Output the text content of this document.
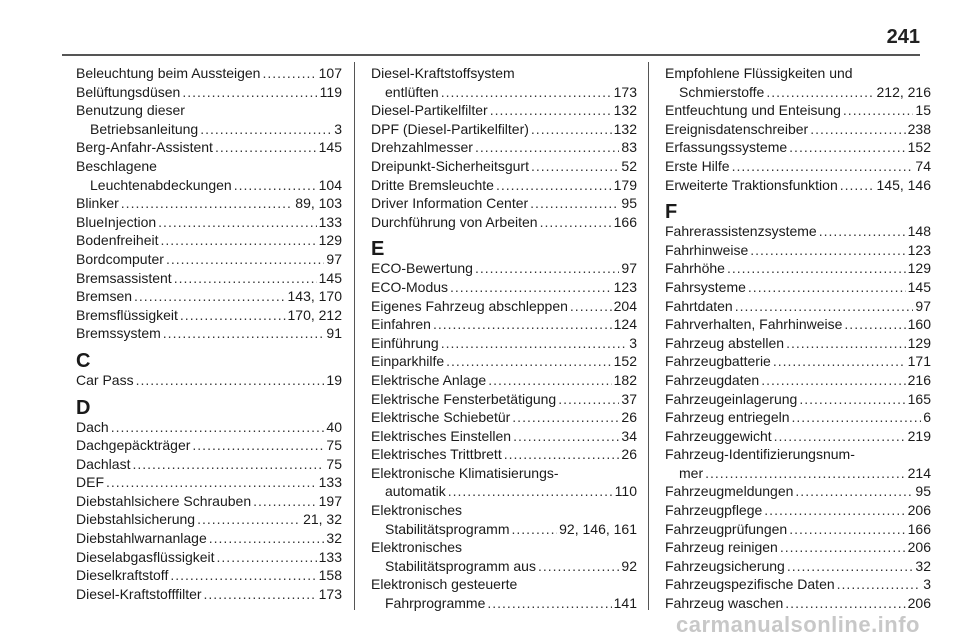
241
Beleuchtung beim Aussteigen .....	107
Belüftungsdüsen .....	119
Benutzung dieser
Betriebsanleitung .....	3
Berg-Anfahr-Assistent .....	145
Beschlagene
Leuchtenabdeckungen .....	104
Blinker .....	89, 103
BlueInjection .....	133
Bodenfreiheit .....	129
Bordcomputer .....	97
Bremsassistent .....	145
Bremsen .....	143, 170
Bremsflüssigkeit .....	170, 212
Bremssystem .....	91
C
Car Pass .....	19
D
Dach .....	40
Dachgepäckträger .....	75
Dachlast .....	75
DEF .....	133
Diebstahlsichere Schrauben .....	197
Diebstahlsicherung .....	21, 32
Diebstahlwarnanlage .....	32
Dieselabgasflüssigkeit .....	133
Dieselkraftstoff .....	158
Diesel-Kraftstofffilter .....	173
Diesel-Kraftstoffsystem
entlüften .....	173
Diesel-Partikelfilter .....	132
DPF (Diesel-Partikelfilter) .....	132
Drehzahlmesser .....	83
Dreipunkt-Sicherheitsgurt .....	52
Dritte Bremsleuchte .....	179
Driver Information Center .....	95
Durchführung von Arbeiten .....	166
E
ECO-Bewertung .....	97
ECO-Modus .....	123
Eigenes Fahrzeug abschleppen .....	204
Einfahren .....	124
Einführung .....	3
Einparkhilfe .....	152
Elektrische Anlage .....	182
Elektrische Fensterbetätigung .....	37
Elektrische Schiebetür .....	26
Elektrisches Einstellen .....	34
Elektrisches Trittbrett .....	26
Elektronische Klimatisierungs-
automatik .....	110
Elektronisches
Stabilitätsprogramm .....	92, 146, 161
Elektronisches
Stabilitätsprogramm aus .....	92
Elektronisch gesteuerte
Fahrprogramme .....	141
Empfohlene Flüssigkeiten und
Schmierstoffe .....	212, 216
Entfeuchtung und Enteisung .....	15
Ereignisdatenschreiber .....	238
Erfassungssysteme .....	152
Erste Hilfe .....	74
Erweiterte Traktionsfunktion .....	145, 146
F
Fahrerassistenzsysteme .....	148
Fahrhinweise .....	123
Fahrhöhe .....	129
Fahrsysteme .....	145
Fahrtdaten .....	97
Fahrverhalten, Fahrhinweise .....	160
Fahrzeug abstellen .....	129
Fahrzeugbatterie .....	171
Fahrzeugdaten .....	216
Fahrzeugeinlagerung .....	165
Fahrzeug entriegeln .....	6
Fahrzeuggewicht .....	219
Fahrzeug-Identifizierungsnum-
mer .....	214
Fahrzeugmeldungen .....	95
Fahrzeugpflege .....	206
Fahrzeugprüfungen .....	166
Fahrzeug reinigen .....	206
Fahrzeugsicherung .....	32
Fahrzeugspezifische Daten .....	3
Fahrzeug waschen .....	206
carmanualsonline.info
